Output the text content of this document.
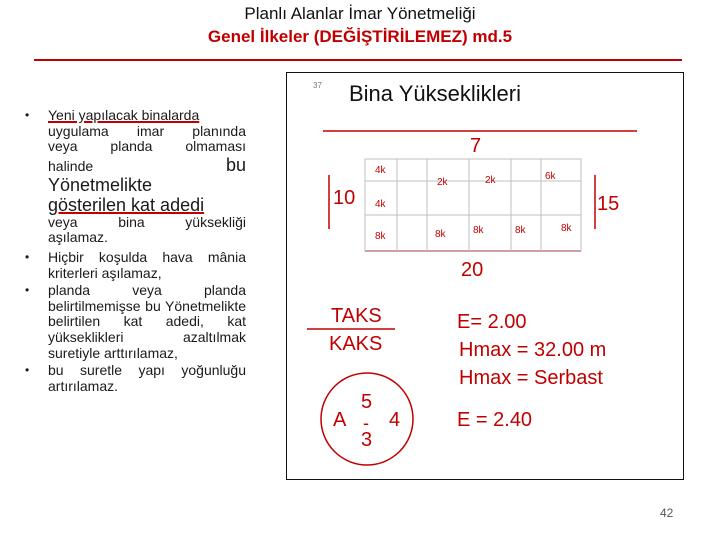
Planlı Alanlar İmar Yönetmeliği
Genel İlkeler (DEĞİŞTİRİLEMEZ) md.5
• Yeni yapılacak binalarda
uygulama imar planında
veya planda olmaması
halinde	bu
Yönetmelikte
gösterilen kat adedi
veya bina yüksekliği
aşılamaz.
• Hiçbir koşulda hava mânia kriterleri aşılamaz,
• planda veya planda belirtilmemişse bu Yönetmelikte belirtilen kat adedi, kat yükseklikleri azaltılmak suretiyle arttırılamaz,
• bu suretle yapı yoğunluğu artırılamaz.
37 Bina Yükseklikleri
7
10	15
20
4k
2k	2k	6k
4k
8k	8k	8k	8k	8k
TAKS
KAKS
E= 2.00
Hmax = 32.00 m
Hmax = Serbast
E = 2.40
5
A - 4
3
42
